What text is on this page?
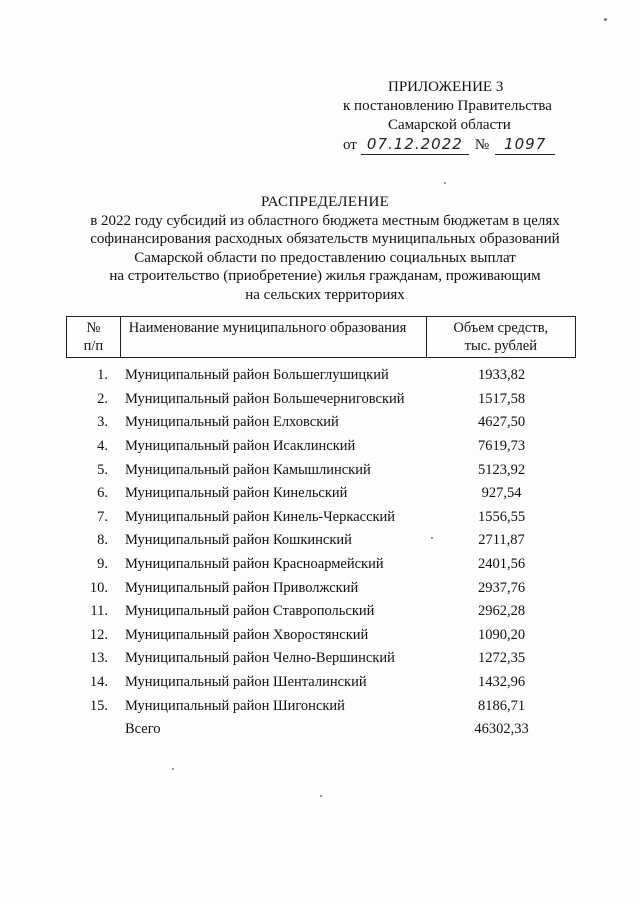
ПРИЛОЖЕНИЕ 3
к постановлению Правительства
Самарской области
от 07.12.2022 № 1097
РАСПРЕДЕЛЕНИЕ
в 2022 году субсидий из областного бюджета местным бюджетам в целях
софинансирования расходных обязательств муниципальных образований
Самарской области по предоставлению социальных выплат
на строительство (приобретение) жилья гражданам, проживающим
на сельских территориях
№
п/п
Наименование муниципального образования	Объем средств,
тыс. рублей
1.	Муниципальный район Большеглушицкий	1933,82
2.	Муниципальный район Большечерниговский	1517,58
3.	Муниципальный район Елховский	4627,50
4.	Муниципальный район Исаклинский	7619,73
5.	Муниципальный район Камышлинский	5123,92
6.	Муниципальный район Кинельский	927,54
7.	Муниципальный район Кинель-Черкасский	1556,55
8.	Муниципальный район Кошкинский	2711,87
9.	Муниципальный район Красноармейский	2401,56
10.	Муниципальный район Приволжский	2937,76
11.	Муниципальный район Ставропольский	2962,28
12.	Муниципальный район Хворостянский	1090,20
13.	Муниципальный район Челно-Вершинский	1272,35
14.	Муниципальный район Шенталинский	1432,96
15.	Муниципальный район Шигонский	8186,71
Всего	46302,33
